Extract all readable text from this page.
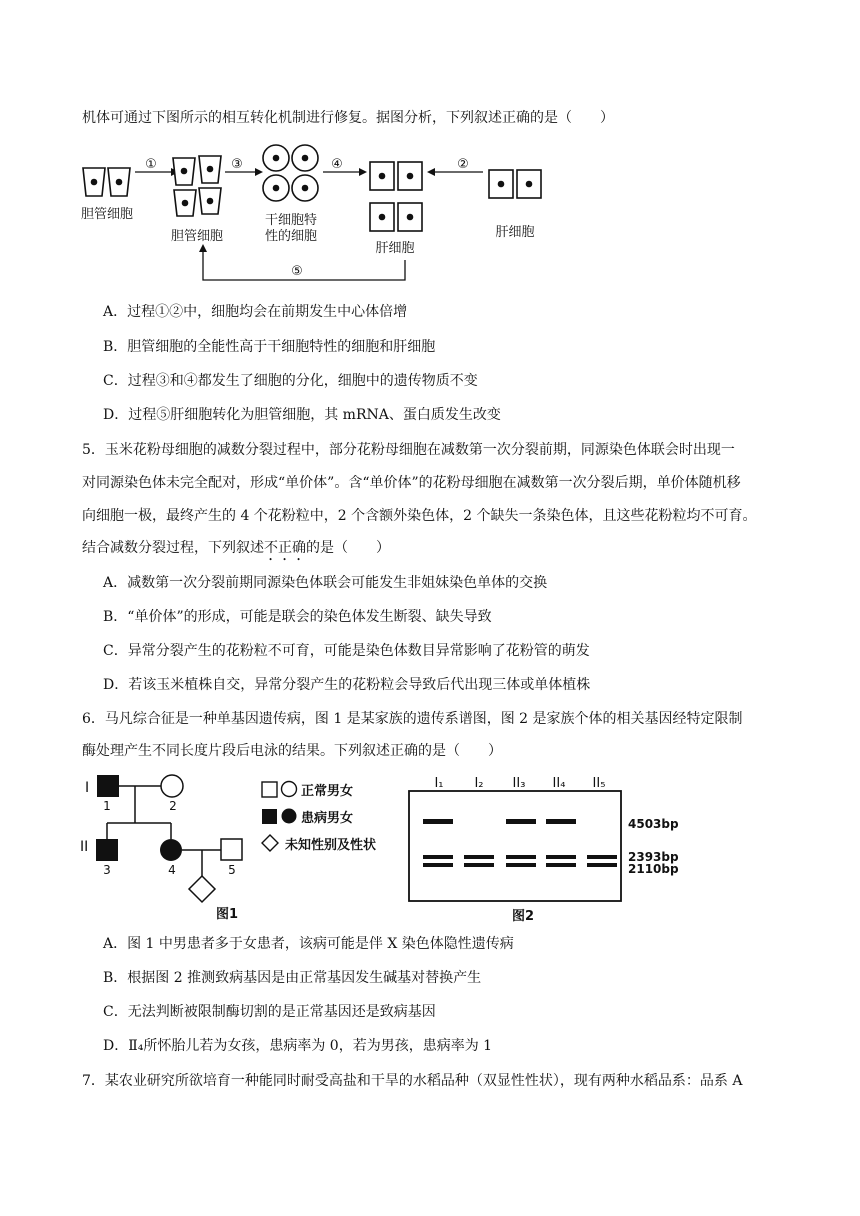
机体可通过下图所示的相互转化机制进行修复。据图分析，下列叙述正确的是（　　）
胆管细胞
①
胆管细胞
③
干细胞特
性的细胞
④
肝细胞
②
肝细胞
⑤
A．过程①②中，细胞均会在前期发生中心体倍增
B．胆管细胞的全能性高于干细胞特性的细胞和肝细胞
C．过程③和④都发生了细胞的分化，细胞中的遗传物质不变
D．过程⑤肝细胞转化为胆管细胞，其 mRNA、蛋白质发生改变
5．玉米花粉母细胞的减数分裂过程中，部分花粉母细胞在减数第一次分裂前期，同源染色体联会时出现一
对同源染色体未完全配对，形成“单价体”。含“单价体”的花粉母细胞在减数第一次分裂后期，单价体随机移
向细胞一极，最终产生的 4 个花粉粒中，2 个含额外染色体，2 个缺失一条染色体，且这些花粉粒均不可育。
结合减数分裂过程，下列叙述不正确的是（　　）
A．减数第一次分裂前期同源染色体联会可能发生非姐妹染色单体的交换
B．“单价体”的形成，可能是联会的染色体发生断裂、缺失导致
C．异常分裂产生的花粉粒不可育，可能是染色体数目异常影响了花粉管的萌发
D．若该玉米植株自交，异常分裂产生的花粉粒会导致后代出现三体或单体植株
6．马凡综合征是一种单基因遗传病，图 1 是某家族的遗传系谱图，图 2 是家族个体的相关基因经特定限制
酶处理产生不同长度片段后电泳的结果。下列叙述正确的是（　　）
I
II
1	2
3	4	5
正常男女
患病男女
未知性别及性状
图1
I₁ I₂ II₃ II₄ II₅
4503bp
2393bp
2110bp
图2
A．图 1 中男患者多于女患者，该病可能是伴 X 染色体隐性遗传病
B．根据图 2 推测致病基因是由正常基因发生碱基对替换产生
C．无法判断被限制酶切割的是正常基因还是致病基因
D．Ⅱ₄所怀胎儿若为女孩，患病率为 0，若为男孩，患病率为 1
7．某农业研究所欲培育一种能同时耐受高盐和干旱的水稻品种（双显性性状），现有两种水稻品系：品系 A
